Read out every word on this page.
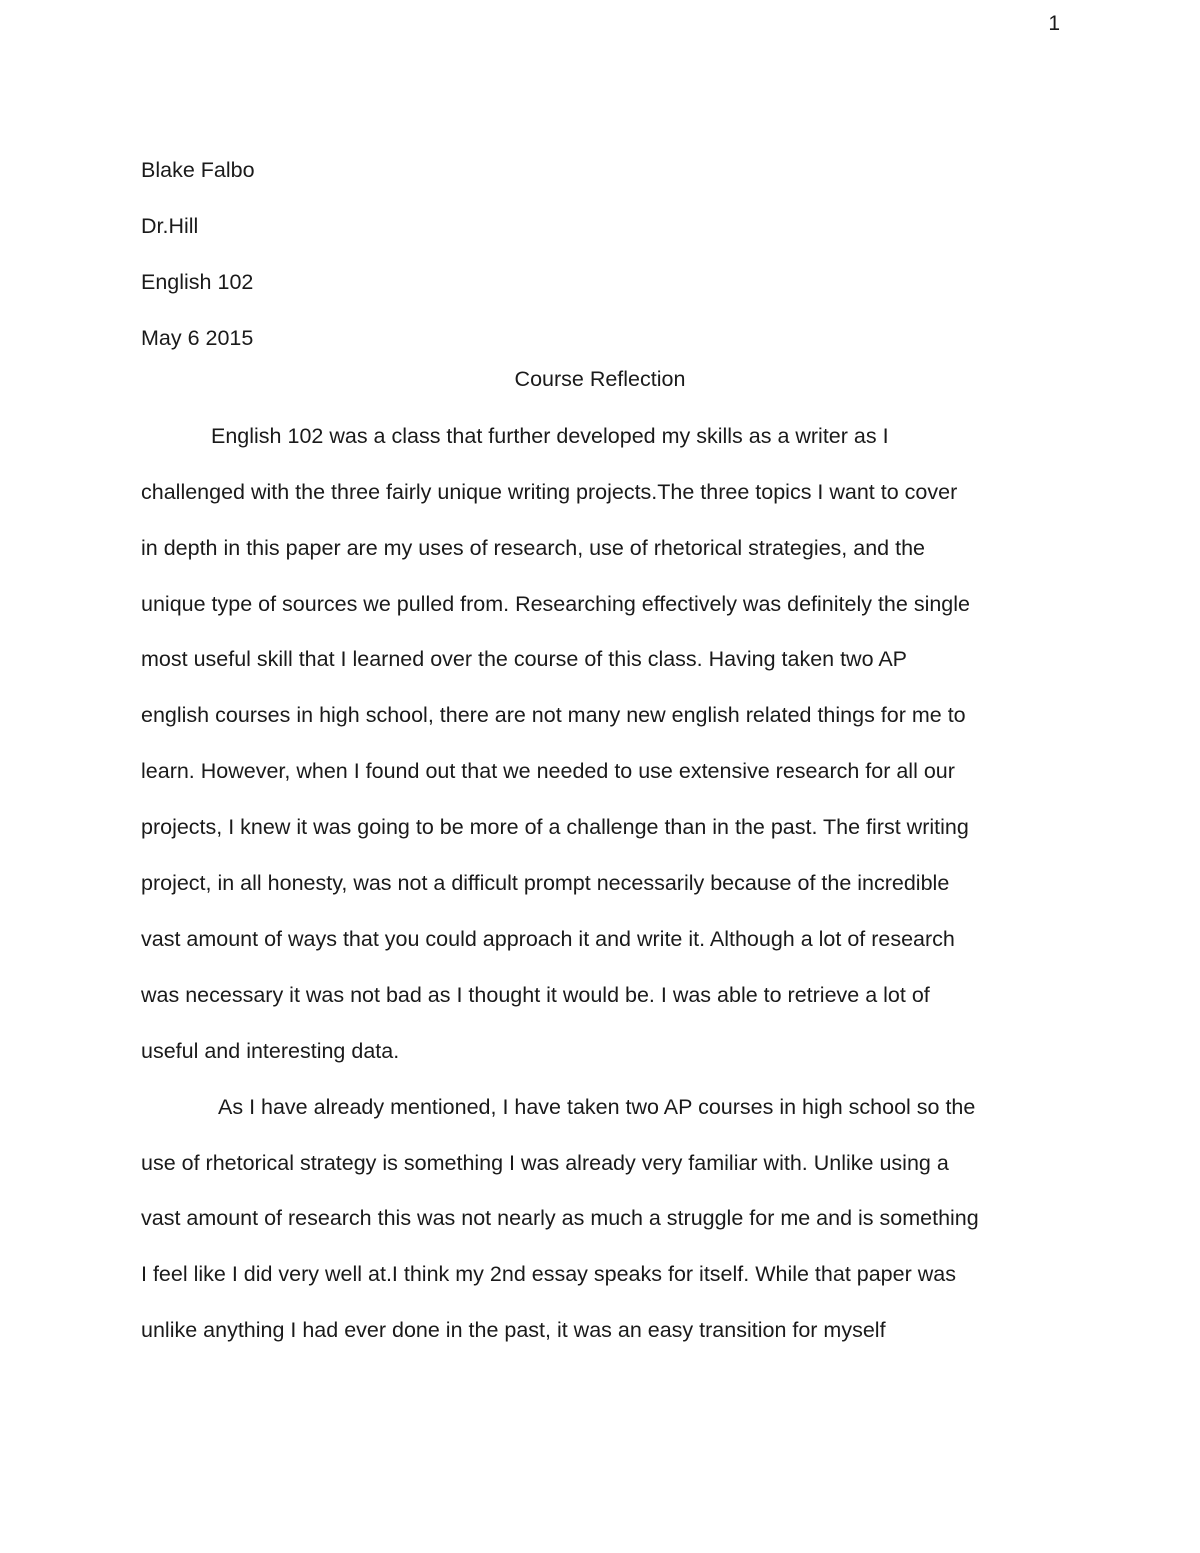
1
Blake Falbo
Dr.Hill
English 102
May 6 2015
Course Reflection
English 102 was a class that further developed my skills as a writer as I
challenged with the three fairly unique writing projects.The three topics I want to cover
in depth in this paper are my uses of research, use of rhetorical strategies, and the
unique type of sources we pulled from. Researching effectively was definitely the single
most useful skill that I learned over the course of this class. Having taken two AP
english courses in high school, there are not many new english related things for me to
learn. However, when I found out that we needed to use extensive research for all our
projects, I knew it was going to be more of a challenge than in the past. The first writing
project, in all honesty, was not a difficult prompt necessarily because of the incredible
vast amount of ways that you could approach it and write it. Although a lot of research
was necessary it was not bad as I thought it would be. I was able to retrieve a lot of
useful and interesting data.
As I have already mentioned, I have taken two AP courses in high school so the
use of rhetorical strategy is something I was already very familiar with. Unlike using a
vast amount of research this was not nearly as much a struggle for me and is something
I feel like I did very well at.I think my 2nd essay speaks for itself. While that paper was
unlike anything I had ever done in the past, it was an easy transition for myself
